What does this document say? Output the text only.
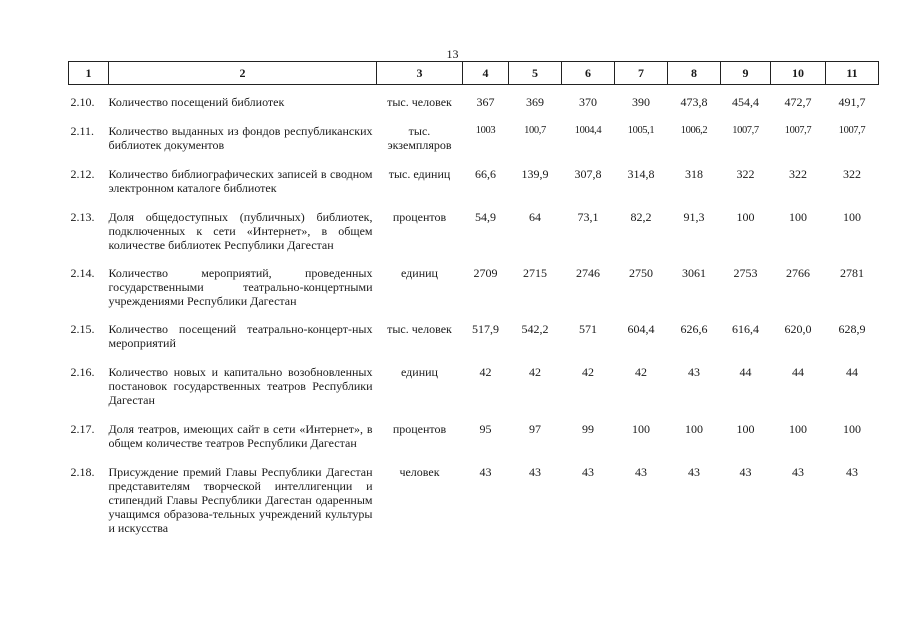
13
1	2	3	4	5	6	7	8	9	10	11
2.10.	Количество посещений библиотек	тыс. человек	367	369	370	390	473,8	454,4	472,7	491,7
2.11.	Количество выданных из фондов республиканских библиотек документов	тыс. экземпляров	1003	100,7	1004,4	1005,1	1006,2	1007,7	1007,7	1007,7
2.12.	Количество библиографических записей в сводном электронном каталоге библиотек	тыс. единиц	66,6	139,9	307,8	314,8	318	322	322	322
2.13.	Доля общедоступных (публичных) библиотек, подключенных к сети «Интернет», в общем количестве библиотек Республики Дагестан	процентов	54,9	64	73,1	82,2	91,3	100	100	100
2.14.	Количество мероприятий, проведенных государственными театрально-концертными учреждениями Республики Дагестан	единиц	2709	2715	2746	2750	3061	2753	2766	2781
2.15.	Количество посещений театрально-концерт-ных мероприятий	тыс. человек	517,9	542,2	571	604,4	626,6	616,4	620,0	628,9
2.16.	Количество новых и капитально возобновленных постановок государственных театров Республики Дагестан	единиц	42	42	42	42	43	44	44	44
2.17.	Доля театров, имеющих сайт в сети «Интернет», в общем количестве театров Республики Дагестан	процентов	95	97	99	100	100	100	100	100
2.18.	Присуждение премий Главы Республики Дагестан представителям творческой интеллигенции и стипендий Главы Республики Дагестан одаренным учащимся образова-тельных учреждений культуры и искусства	человек	43	43	43	43	43	43	43	43
